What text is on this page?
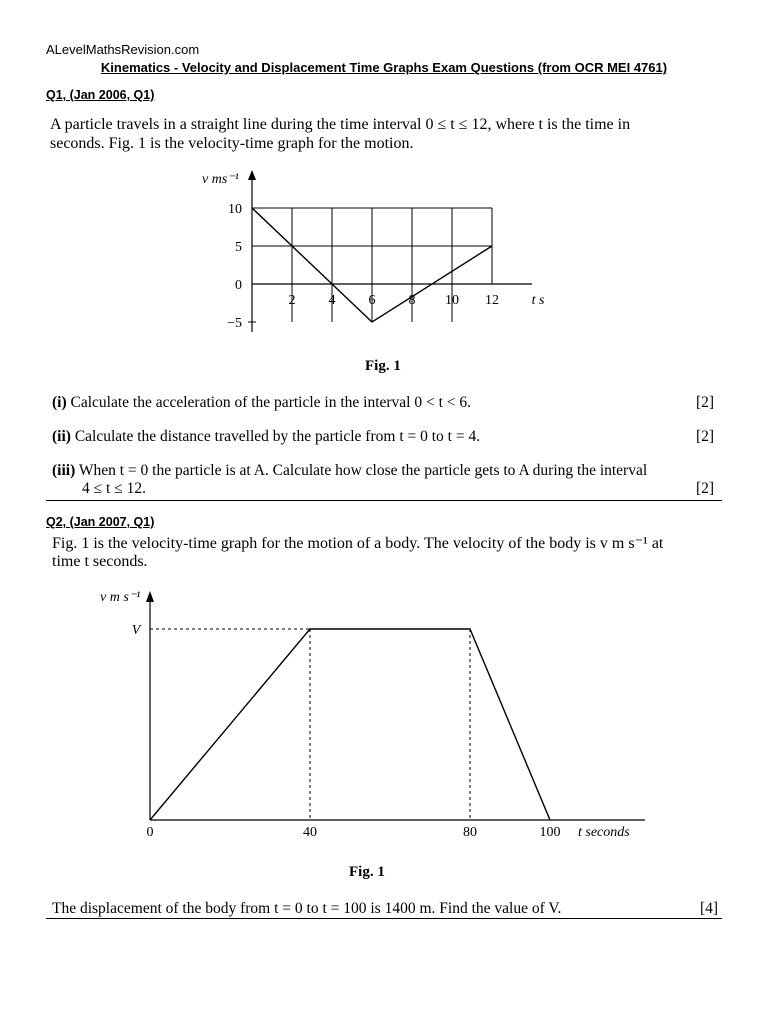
ALevelMathsRevision.com
Kinematics - Velocity and Displacement Time Graphs Exam Questions (from OCR MEI 4761)
Q1, (Jan 2006, Q1)
A particle travels in a straight line during the time interval 0 ≤ t ≤ 12, where t is the time in
seconds. Fig. 1 is the velocity-time graph for the motion.
v ms⁻¹
10
5
0
−5
2 4 6 8 10 12 t s
Fig. 1
(i) Calculate the acceleration of the particle in the interval 0 < t < 6.	[2]
(ii) Calculate the distance travelled by the particle from t = 0 to t = 4.	[2]
(iii) When t = 0 the particle is at A. Calculate how close the particle gets to A during the interval
4 ≤ t ≤ 12.	[2]
Q2, (Jan 2007, Q1)
Fig. 1 is the velocity-time graph for the motion of a body. The velocity of the body is v m s⁻¹ at
time t seconds.
v m s⁻¹
V
0	40	80	100 t seconds
Fig. 1
The displacement of the body from t = 0 to t = 100 is 1400 m. Find the value of V.	[4]
